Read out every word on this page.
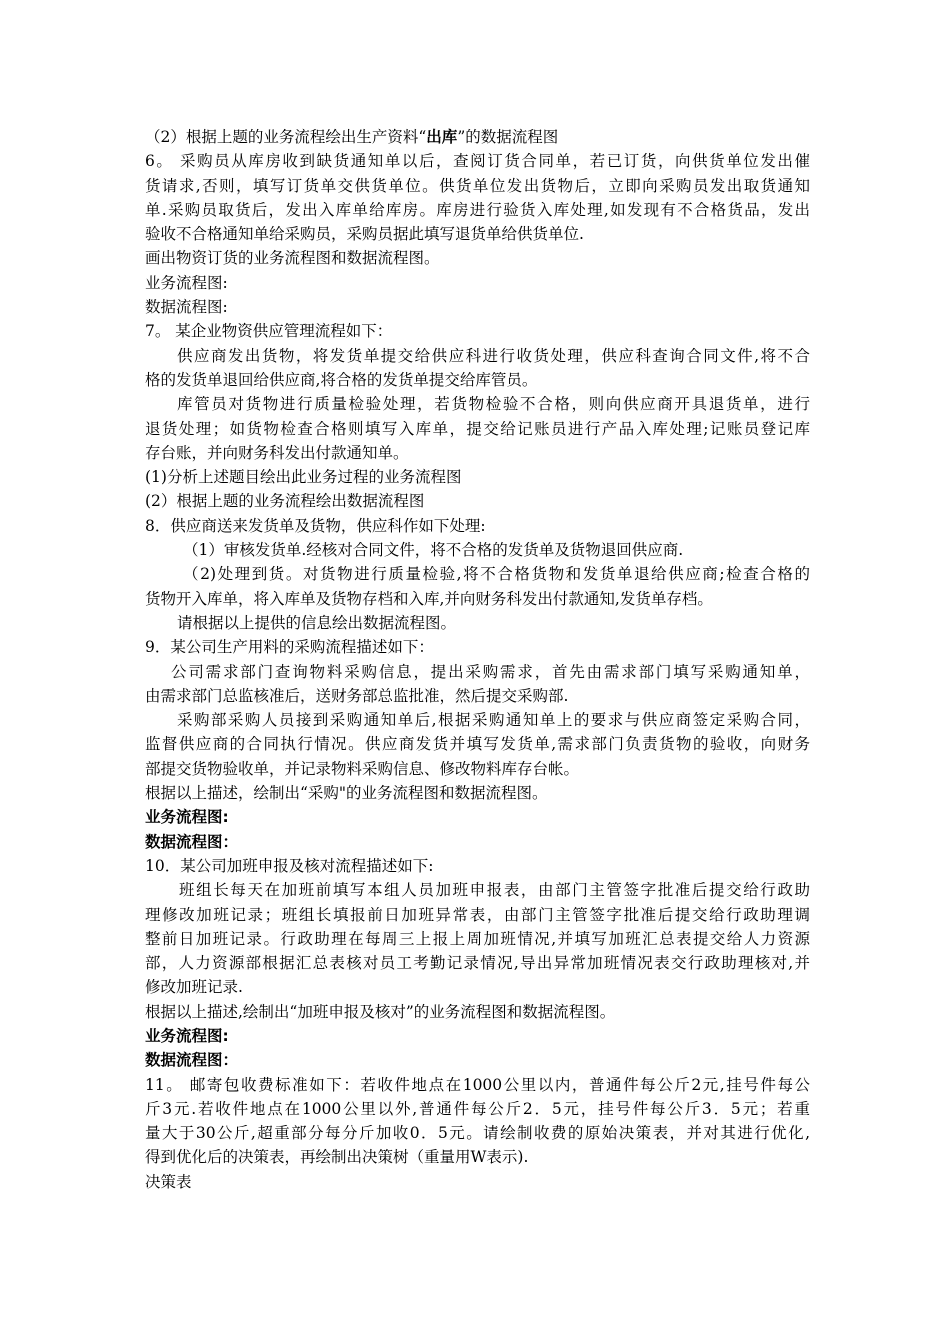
（2）根据上题的业务流程绘出生产资料“出库”的数据流程图
6。 采购员从库房收到缺货通知单以后，查阅订货合同单，若已订货，向供货单位发出催
货请求,否则，填写订货单交供货单位。供货单位发出货物后，立即向采购员发出取货通知
单.采购员取货后，发出入库单给库房。库房进行验货入库处理,如发现有不合格货品，发出
验收不合格通知单给采购员，采购员据此填写退货单给供货单位.
画出物资订货的业务流程图和数据流程图。
业务流程图:
数据流程图:
7。 某企业物资供应管理流程如下：
供应商发出货物，将发货单提交给供应科进行收货处理，供应科查询合同文件,将不合
格的发货单退回给供应商,将合格的发货单提交给库管员。
库管员对货物进行质量检验处理，若货物检验不合格，则向供应商开具退货单，进行
退货处理；如货物检查合格则填写入库单，提交给记账员进行产品入库处理;记账员登记库
存台账，并向财务科发出付款通知单。
(1)分析上述题目绘出此业务过程的业务流程图
(2）根据上题的业务流程绘出数据流程图
8．供应商送来发货单及货物，供应科作如下处理:
（1）审核发货单.经核对合同文件，将不合格的发货单及货物退回供应商.
（2)处理到货。对货物进行质量检验,将不合格货物和发货单退给供应商;检查合格的
货物开入库单，将入库单及货物存档和入库,并向财务科发出付款通知,发货单存档。
请根据以上提供的信息绘出数据流程图。
9．某公司生产用料的采购流程描述如下：
公司需求部门查询物料采购信息，提出采购需求，首先由需求部门填写采购通知单，
由需求部门总监核准后，送财务部总监批准，然后提交采购部.
采购部采购人员接到采购通知单后,根据采购通知单上的要求与供应商签定采购合同，
监督供应商的合同执行情况。供应商发货并填写发货单,需求部门负责货物的验收，向财务
部提交货物验收单，并记录物料采购信息、修改物料库存台帐。
根据以上描述，绘制出“采购"的业务流程图和数据流程图。
业务流程图:
数据流程图：
10．某公司加班申报及核对流程描述如下:
班组长每天在加班前填写本组人员加班申报表，由部门主管签字批准后提交给行政助
理修改加班记录；班组长填报前日加班异常表，由部门主管签字批准后提交给行政助理调
整前日加班记录。行政助理在每周三上报上周加班情况,并填写加班汇总表提交给人力资源
部，人力资源部根据汇总表核对员工考勤记录情况,导出异常加班情况表交行政助理核对,并
修改加班记录.
根据以上描述,绘制出“加班申报及核对”的业务流程图和数据流程图。
业务流程图:
数据流程图：
11。 邮寄包收费标准如下：若收件地点在1000公里以内，普通件每公斤2元,挂号件每公
斤3元.若收件地点在1000公里以外,普通件每公斤2．5元，挂号件每公斤3．5元；若重
量大于30公斤,超重部分每分斤加收0．5元。请绘制收费的原始决策表，并对其进行优化,
得到优化后的决策表，再绘制出决策树（重量用W表示).
决策表
